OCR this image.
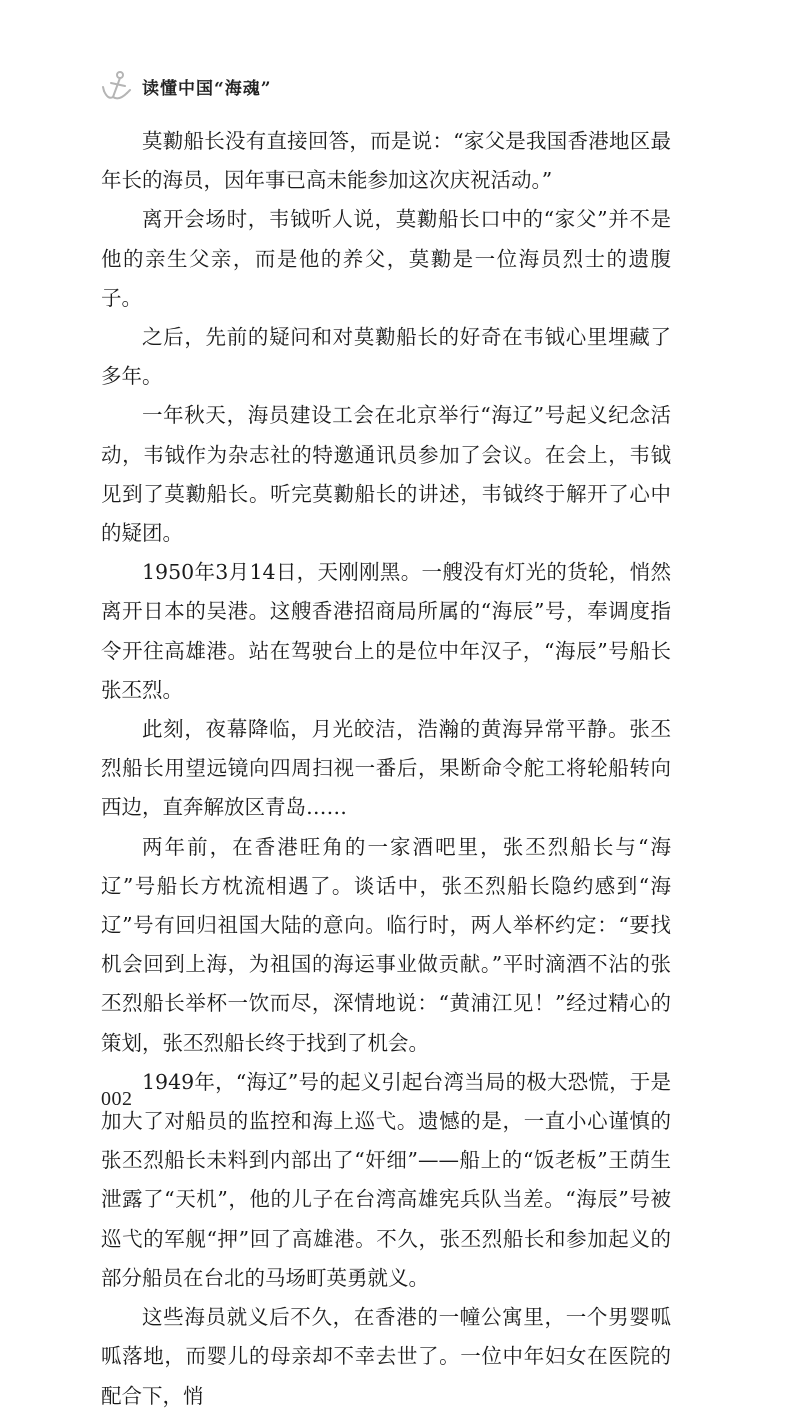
读懂中国“海魂”

莫勷船长没有直接回答，而是说：“家父是我国香港地区最年长的海员，因年事已高未能参加这次庆祝活动。”

离开会场时，韦钺听人说，莫勷船长口中的“家父”并不是他的亲生父亲，而是他的养父，莫勷是一位海员烈士的遗腹子。

之后，先前的疑问和对莫勷船长的好奇在韦钺心里埋藏了多年。

一年秋天，海员建设工会在北京举行“海辽”号起义纪念活动，韦钺作为杂志社的特邀通讯员参加了会议。在会上，韦钺见到了莫勷船长。听完莫勷船长的讲述，韦钺终于解开了心中的疑团。

1950年3月14日，天刚刚黑。一艘没有灯光的货轮，悄然离开日本的吴港。这艘香港招商局所属的“海辰”号，奉调度指令开往高雄港。站在驾驶台上的是位中年汉子，“海辰”号船长张丕烈。

此刻，夜幕降临，月光皎洁，浩瀚的黄海异常平静。张丕烈船长用望远镜向四周扫视一番后，果断命令舵工将轮船转向西边，直奔解放区青岛……

两年前，在香港旺角的一家酒吧里，张丕烈船长与“海辽”号船长方枕流相遇了。谈话中，张丕烈船长隐约感到“海辽”号有回归祖国大陆的意向。临行时，两人举杯约定：“要找机会回到上海，为祖国的海运事业做贡献。”平时滴酒不沾的张丕烈船长举杯一饮而尽，深情地说：“黄浦江见！”经过精心的策划，张丕烈船长终于找到了机会。

1949年，“海辽”号的起义引起台湾当局的极大恐慌，于是加大了对船员的监控和海上巡弋。遗憾的是，一直小心谨慎的张丕烈船长未料到内部出了“奸细”——船上的“饭老板”王荫生泄露了“天机”，他的儿子在台湾高雄宪兵队当差。“海辰”号被巡弋的军舰“押”回了高雄港。不久，张丕烈船长和参加起义的部分船员在台北的马场町英勇就义。

这些海员就义后不久，在香港的一幢公寓里，一个男婴呱呱落地，而婴儿的母亲却不幸去世了。一位中年妇女在医院的配合下，悄

002
